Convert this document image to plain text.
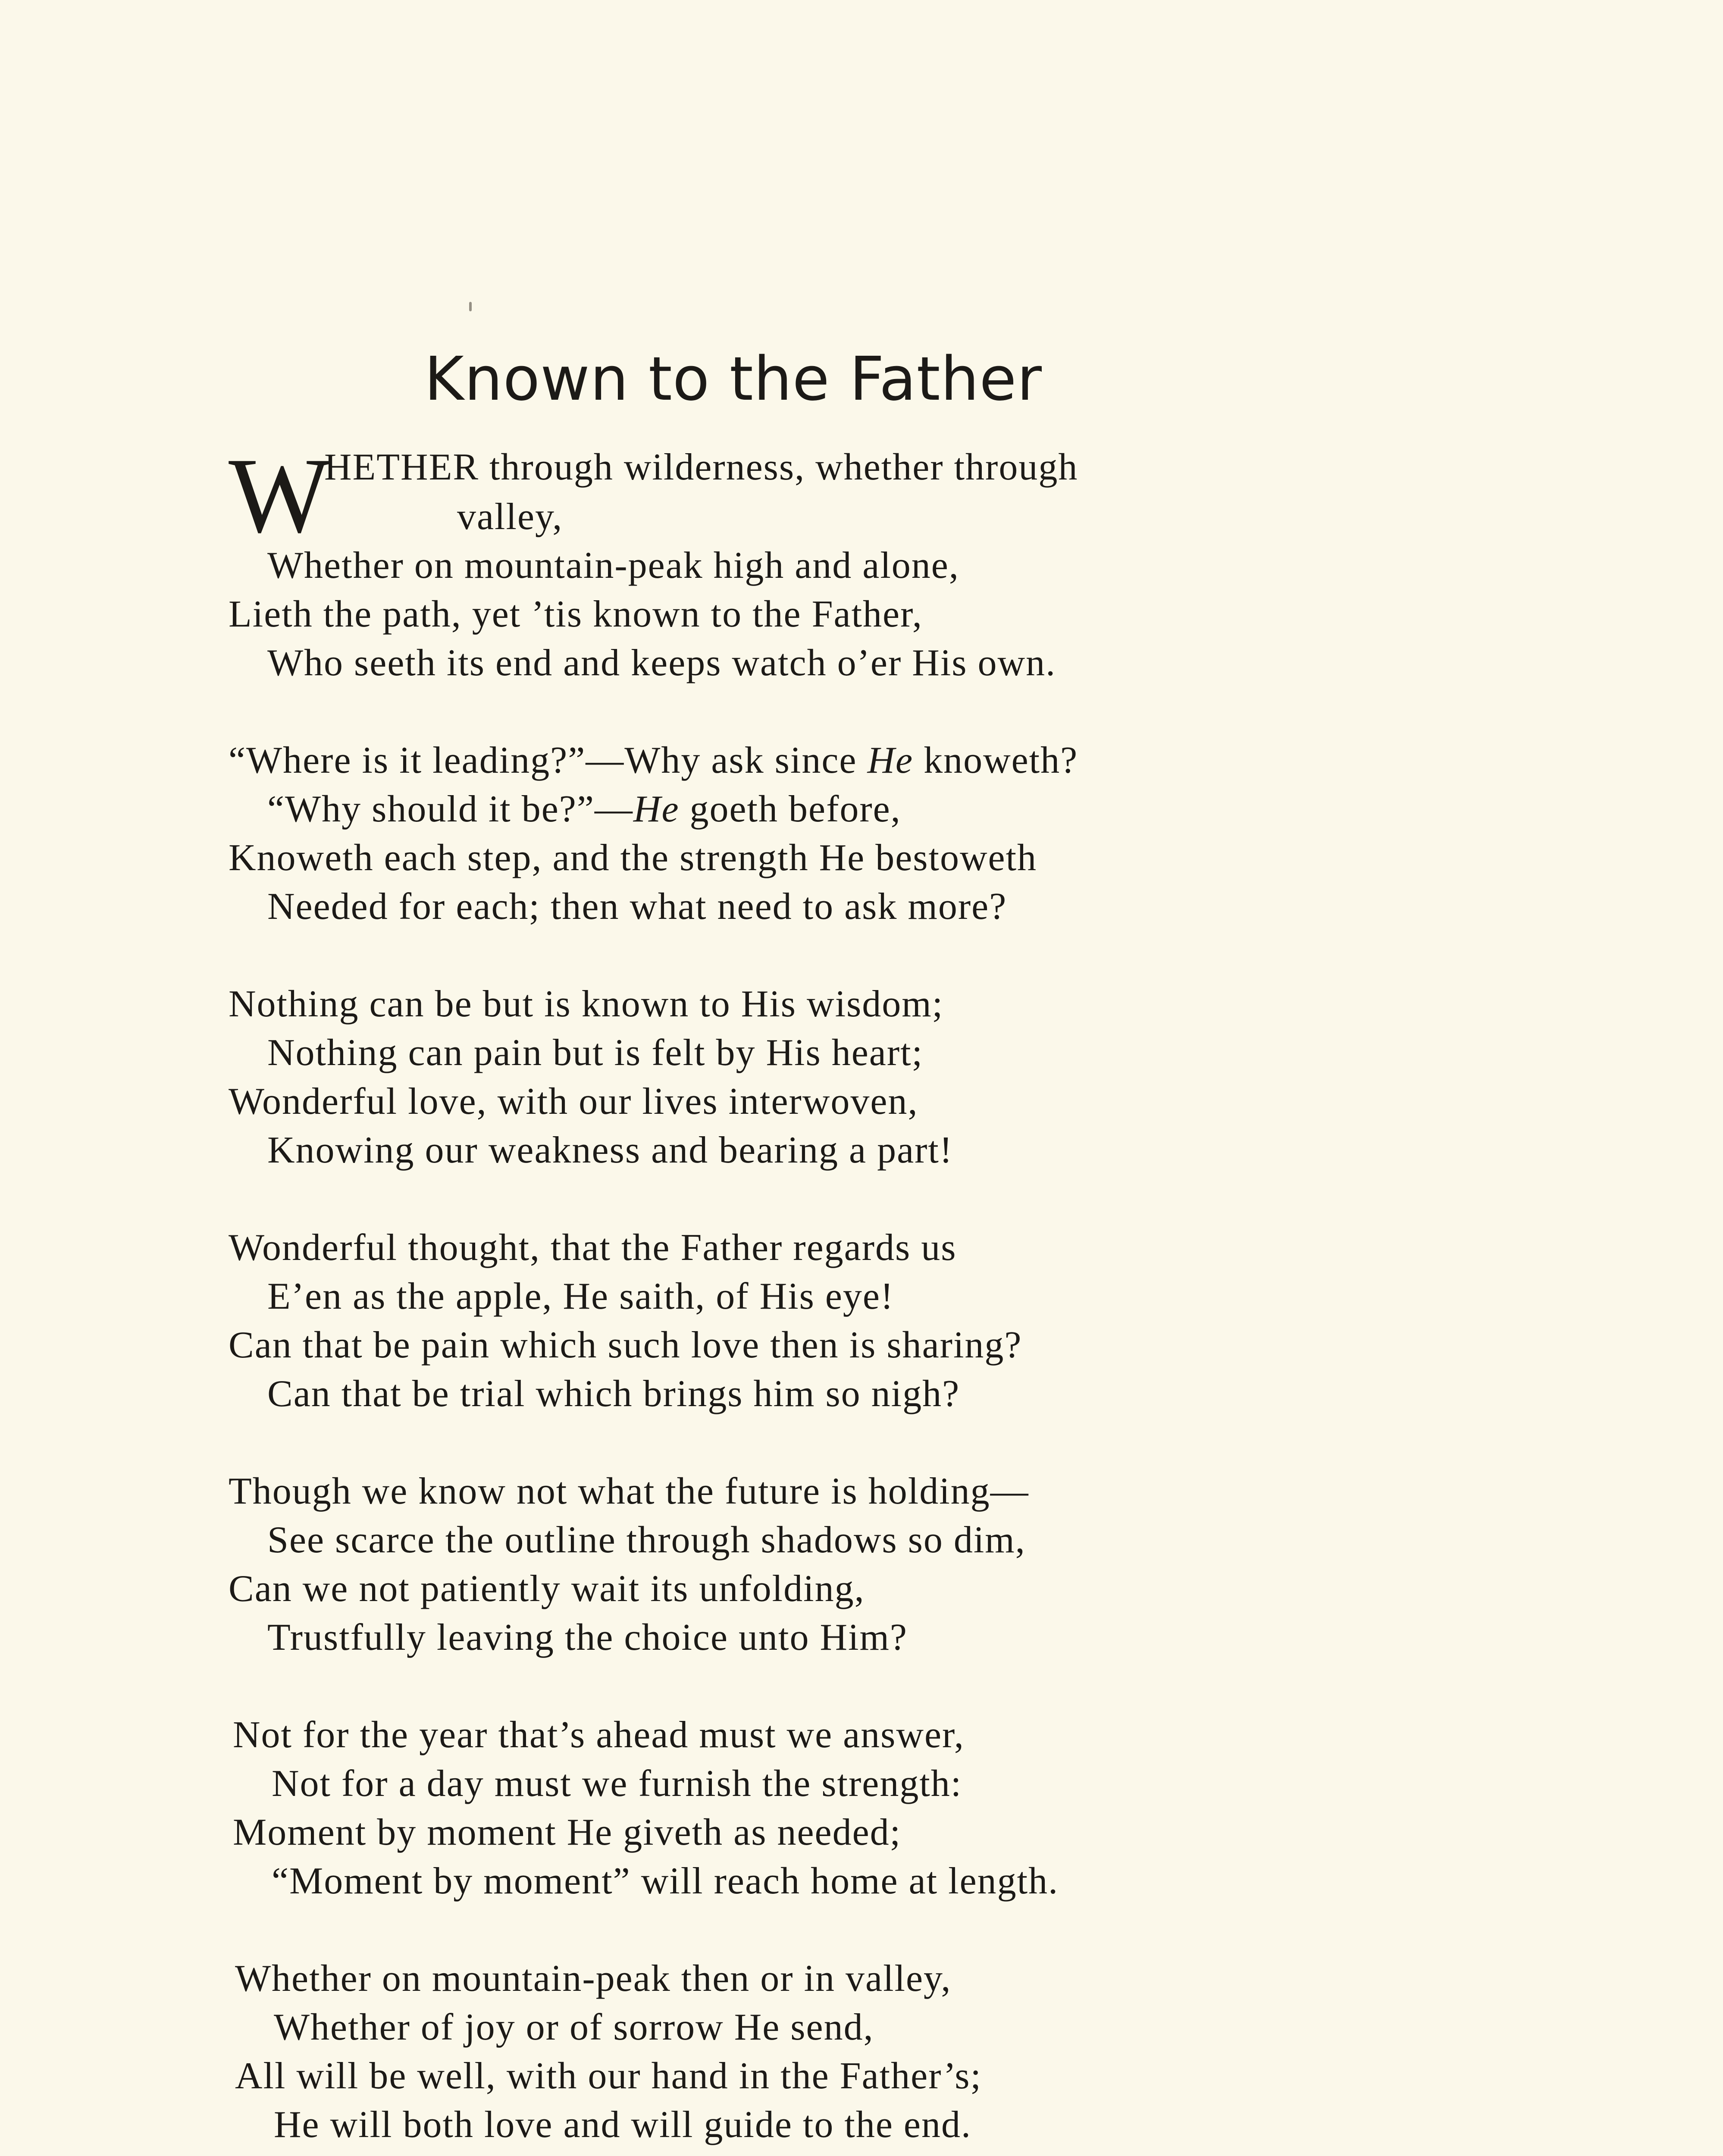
Known to the Father
W
HETHER through wilderness, whether through
valley,
Whether on mountain-peak high and alone,
Lieth the path, yet ’tis known to the Father,
Who seeth its end and keeps watch o’er His own.
“Where is it leading?”—Why ask since He knoweth?
“Why should it be?”—He goeth before,
Knoweth each step, and the strength He bestoweth
Needed for each; then what need to ask more?
Nothing can be but is known to His wisdom;
Nothing can pain but is felt by His heart;
Wonderful love, with our lives interwoven,
Knowing our weakness and bearing a part!
Wonderful thought, that the Father regards us
E’en as the apple, He saith, of His eye!
Can that be pain which such love then is sharing?
Can that be trial which brings him so nigh?
Though we know not what the future is holding—
See scarce the outline through shadows so dim,
Can we not patiently wait its unfolding,
Trustfully leaving the choice unto Him?
Not for the year that’s ahead must we answer,
Not for a day must we furnish the strength:
Moment by moment He giveth as needed;
“Moment by moment” will reach home at length.
Whether on mountain-peak then or in valley,
Whether of joy or of sorrow He send,
All will be well, with our hand in the Father’s;
He will both love and will guide to the end.
